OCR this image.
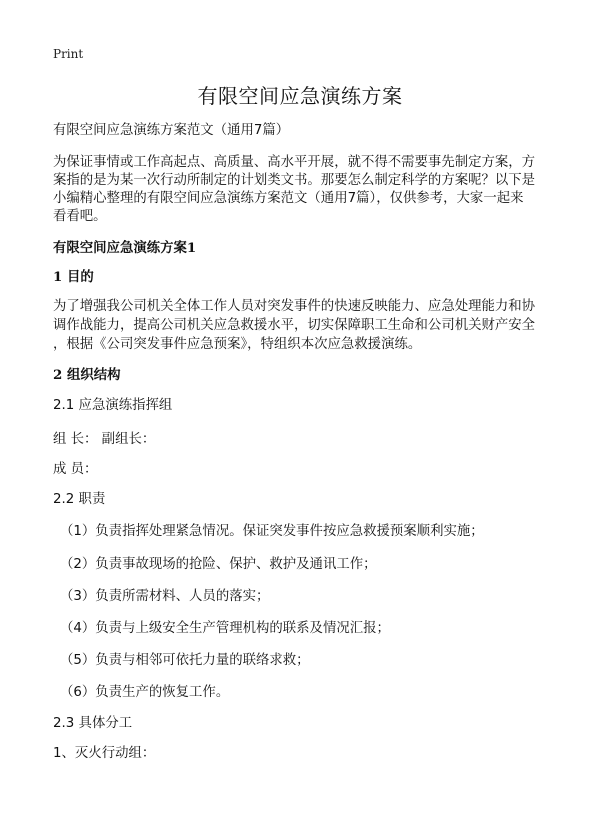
Print
有限空间应急演练方案
有限空间应急演练方案范文（通用7篇）
为保证事情或工作高起点、高质量、高水平开展，就不得不需要事先制定方案，方
案指的是为某一次行动所制定的计划类文书。那要怎么制定科学的方案呢？以下是
小编精心整理的有限空间应急演练方案范文（通用7篇），仅供参考，大家一起来
看看吧。
有限空间应急演练方案1
1 目的
为了增强我公司机关全体工作人员对突发事件的快速反映能力、应急处理能力和协
调作战能力，提高公司机关应急救援水平，切实保障职工生命和公司机关财产安全
，根据《公司突发事件应急预案》，特组织本次应急救援演练。
2 组织结构
2.1 应急演练指挥组
组 长： 副组长：
成 员：
2.2 职责
（1）负责指挥处理紧急情况。保证突发事件按应急救援预案顺利实施；
（2）负责事故现场的抢险、保护、救护及通讯工作；
（3）负责所需材料、人员的落实；
（4）负责与上级安全生产管理机构的联系及情况汇报；
（5）负责与相邻可依托力量的联络求救；
（6）负责生产的恢复工作。
2.3 具体分工
1、灭火行动组：
